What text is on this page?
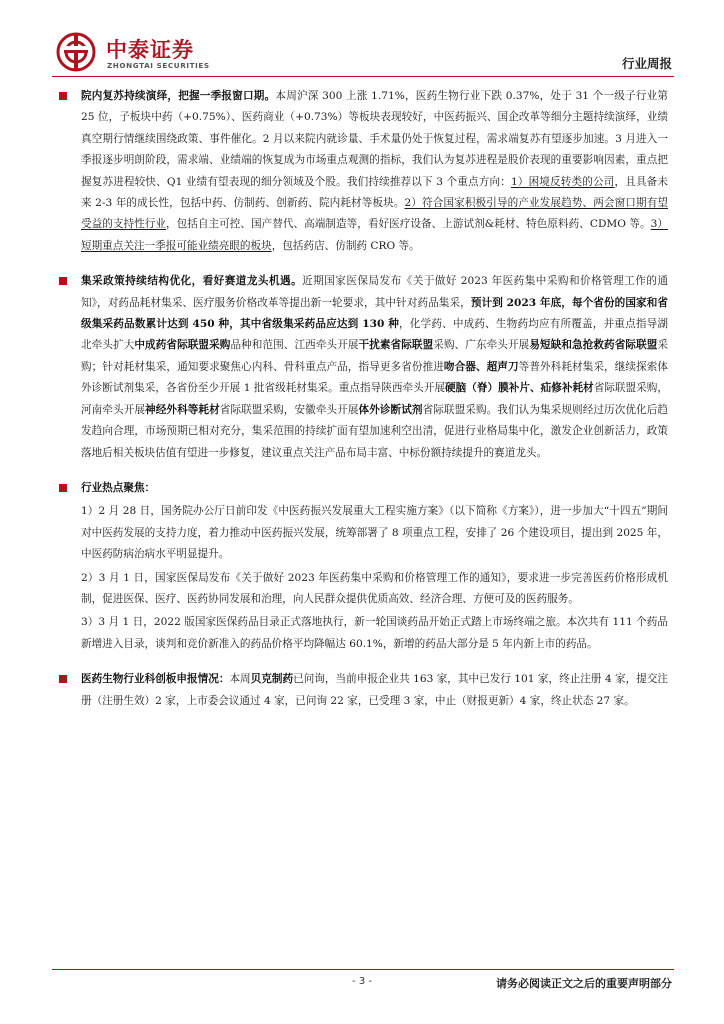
中泰证券
ZHONGTAI SECURITIES	行业周报

院内复苏持续演绎，把握一季报窗口期。本周沪深 300 上涨 1.71%，医药生物行业下跌 0.37%，处于 31 个一级子行业第 25 位，子板块中药（+0.75%）、医药商业（+0.73%）等板块表现较好，中医药振兴、国企改革等细分主题持续演绎，业绩真空期行情继续围绕政策、事件催化。2 月以来院内就诊量、手术量仍处于恢复过程，需求端复苏有望逐步加速。3 月进入一季报逐步明朗阶段，需求端、业绩端的恢复成为市场重点观测的指标，我们认为复苏进程是股价表现的重要影响因素，重点把握复苏进程较快、Q1 业绩有望表现的细分领域及个股。我们持续推荐以下 3 个重点方向：1）困境反转类的公司，且具备未来 2-3 年的成长性，包括中药、仿制药、创新药、院内耗材等板块。2）符合国家积极引导的产业发展趋势、两会窗口期有望受益的支持性行业，包括自主可控、国产替代、高端制造等，看好医疗设备、上游试剂&耗材、特色原料药、CDMO 等。3）短期重点关注一季报可能业绩亮眼的板块，包括药店、仿制药 CRO 等。

集采政策持续结构优化，看好赛道龙头机遇。近期国家医保局发布《关于做好 2023 年医药集中采购和价格管理工作的通知》，对药品耗材集采、医疗服务价格改革等提出新一轮要求，其中针对药品集采，预计到 2023 年底，每个省份的国家和省级集采药品数累计达到 450 种，其中省级集采药品应达到 130 种，化学药、中成药、生物药均应有所覆盖，并重点指导湖北牵头扩大中成药省际联盟采购品种和范围、江西牵头开展干扰素省际联盟采购、广东牵头开展易短缺和急抢救药省际联盟采购；针对耗材集采，通知要求聚焦心内科、骨科重点产品，指导更多省份推进吻合器、超声刀等普外科耗材集采，继续探索体外诊断试剂集采，各省份至少开展 1 批省级耗材集采。重点指导陕西牵头开展硬脑（脊）膜补片、疝修补耗材省际联盟采购，河南牵头开展神经外科等耗材省际联盟采购，安徽牵头开展体外诊断试剂省际联盟采购。我们认为集采规则经过历次优化后趋发趋向合理，市场预期已相对充分，集采范围的持续扩面有望加速利空出清，促进行业格局集中化，激发企业创新活力，政策落地后相关板块估值有望进一步修复，建议重点关注产品布局丰富、中标份额持续提升的赛道龙头。

行业热点聚焦：

1）2 月 28 日，国务院办公厅日前印发《中医药振兴发展重大工程实施方案》（以下简称《方案》），进一步加大“十四五”期间对中医药发展的支持力度，着力推动中医药振兴发展，统筹部署了 8 项重点工程，安排了 26 个建设项目，提出到 2025 年，中医药防病治病水平明显提升。

2）3 月 1 日，国家医保局发布《关于做好 2023 年医药集中采购和价格管理工作的通知》，要求进一步完善医药价格形成机制，促进医保、医疗、医药协同发展和治理，向人民群众提供优质高效、经济合理、方便可及的医药服务。

3）3 月 1 日，2022 版国家医保药品目录正式落地执行，新一轮国谈药品开始正式踏上市场终端之旅。本次共有 111 个药品新增进入目录，谈判和竞价新准入的药品价格平均降幅达 60.1%，新增的药品大部分是 5 年内新上市的药品。

医药生物行业科创板申报情况：本周贝克制药已问询，当前申报企业共 163 家，其中已发行 101 家，终止注册 4 家，提交注册（注册生效）2 家，上市委会议通过 4 家，已问询 22 家，已受理 3 家，中止（财报更新）4 家，终止状态 27 家。

- 3 -	请务必阅读正文之后的重要声明部分
